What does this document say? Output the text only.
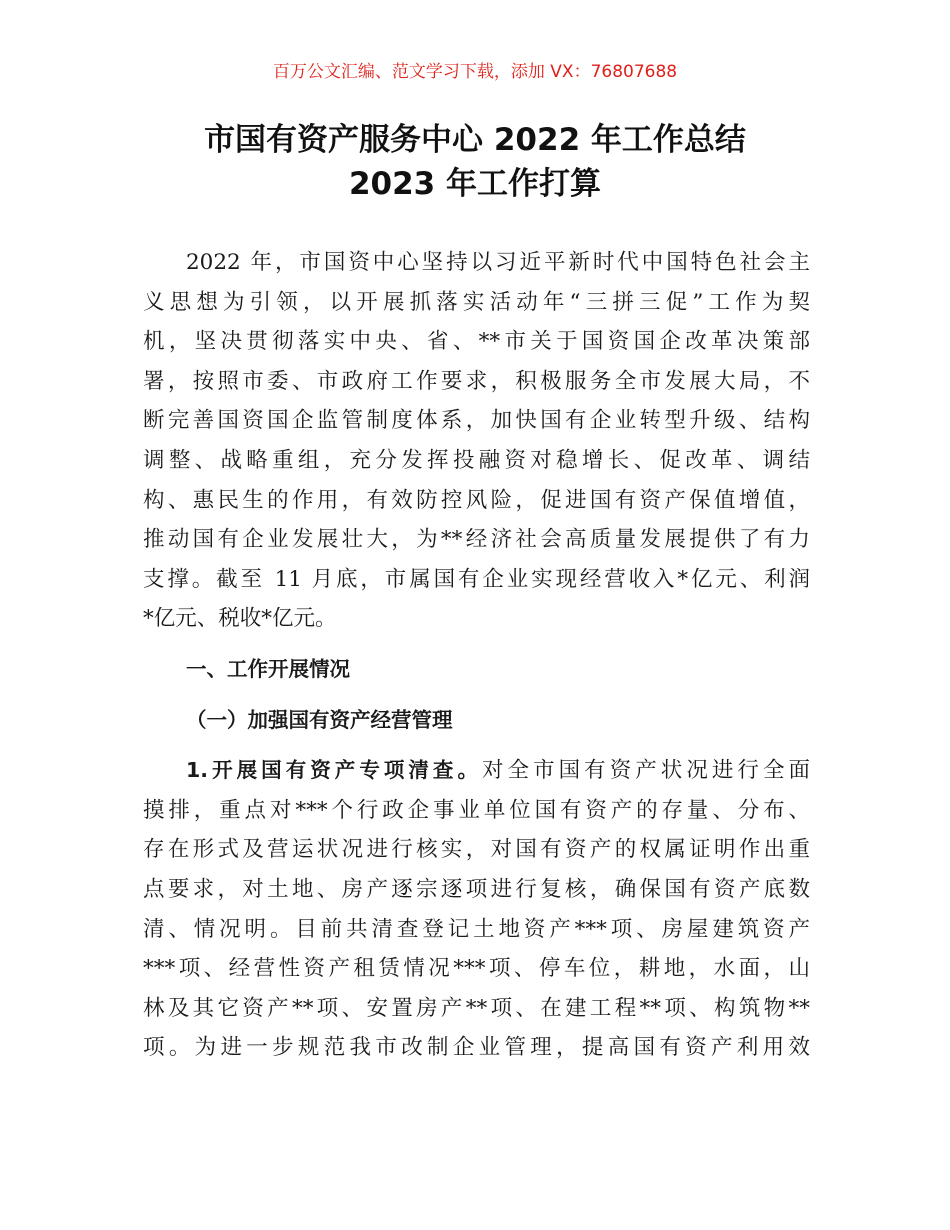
百万公文汇编、范文学习下载，添加 VX：76807688
市国有资产服务中心 2022 年工作总结
2023 年工作打算
2022 年，市国资中心坚持以习近平新时代中国特色社会主
义思想为引领，以开展抓落实活动年“三拼三促”工作为契
机，坚决贯彻落实中央、省、**市关于国资国企改革决策部
署，按照市委、市政府工作要求，积极服务全市发展大局，不
断完善国资国企监管制度体系，加快国有企业转型升级、结构
调整、战略重组，充分发挥投融资对稳增长、促改革、调结
构、惠民生的作用，有效防控风险，促进国有资产保值增值，
推动国有企业发展壮大，为**经济社会高质量发展提供了有力
支撑。截至 11 月底，市属国有企业实现经营收入*亿元、利润
*亿元、税收*亿元。
一、工作开展情况
（一）加强国有资产经营管理
1.开展国有资产专项清查。对全市国有资产状况进行全面
摸排，重点对***个行政企事业单位国有资产的存量、分布、
存在形式及营运状况进行核实，对国有资产的权属证明作出重
点要求，对土地、房产逐宗逐项进行复核，确保国有资产底数
清、情况明。目前共清查登记土地资产***项、房屋建筑资产
***项、经营性资产租赁情况***项、停车位，耕地，水面，山
林及其它资产**项、安置房产**项、在建工程**项、构筑物**
项。为进一步规范我市改制企业管理，提高国有资产利用效
